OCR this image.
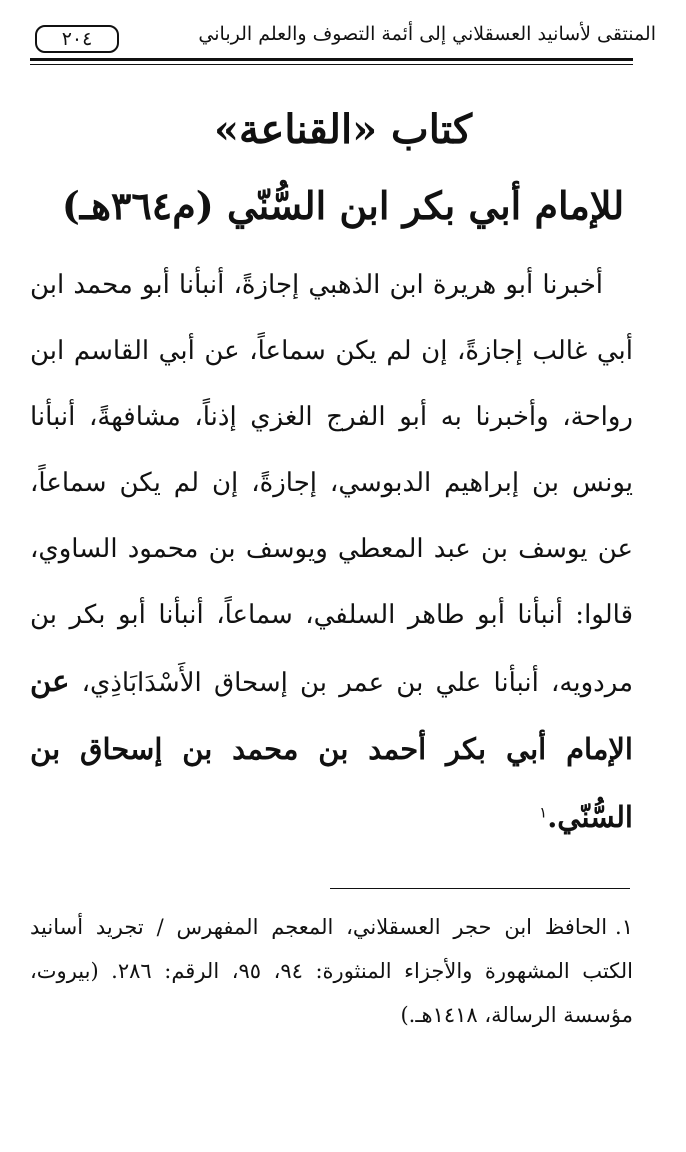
المنتقى لأسانيد العسقلاني إلى أئمة التصوف والعلم الرباني
٢٠٤
كتاب «القناعة»
للإمام أبي بكر ابن السُّنّي (م٣٦٤هـ)
أخبرنا أبو هريرة ابن الذهبي إجازةً، أنبأنا أبو محمد ابن أبي غالب إجازةً، إن لم يكن سماعاً، عن أبي القاسم ابن رواحة، وأخبرنا به أبو الفرج الغزي إذناً، مشافهةً، أنبأنا يونس بن إبراهيم الدبوسي، إجازةً، إن لم يكن سماعاً، عن يوسف بن عبد المعطي ويوسف بن محمود الساوي، قالوا: أنبأنا أبو طاهر السلفي، سماعاً، أنبأنا أبو بكر بن مردويه، أنبأنا علي بن عمر بن إسحاق الأَسْدَابَاذِي، عن الإمام أبي بكر أحمد بن محمد بن إسحاق بن السُّنّي.$^١$
١.الحافظ ابن حجر العسقلاني، المعجم المفهرس / تجريد أسانيد الكتب المشهورة والأجزاء المنثورة: ٩٤، ٩٥، الرقم: ٢٨٦. (بيروت، مؤسسة الرسالة، ١٤١٨هـ.)
